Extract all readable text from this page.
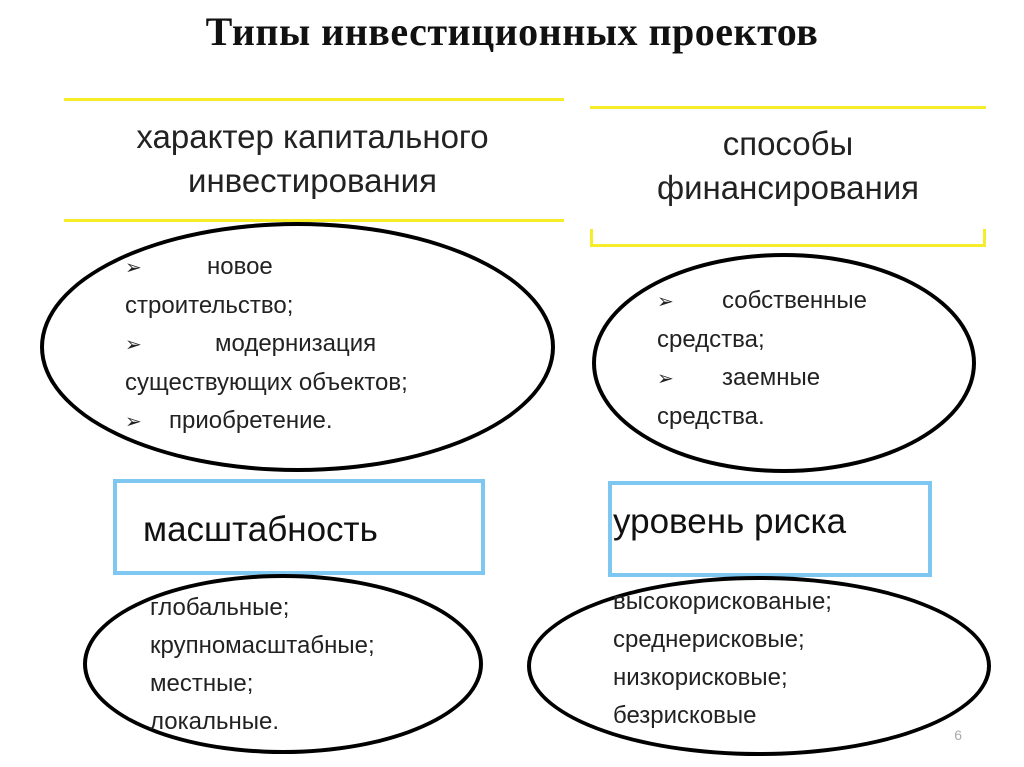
Типы инвестиционных проектов
характер капитального
инвестирования
способы
финансирования
➢	новое
строительство;
➢	модернизация
существующих объектов;
➢ приобретение.
➢ собственные
средства;
➢ заемные
средства.
масштабность	уровень риска
глобальные;
крупномасштабные;
местные;
локальные.
высокорискованые;
среднерисковые;
низкорисковые;
безрисковые
6
